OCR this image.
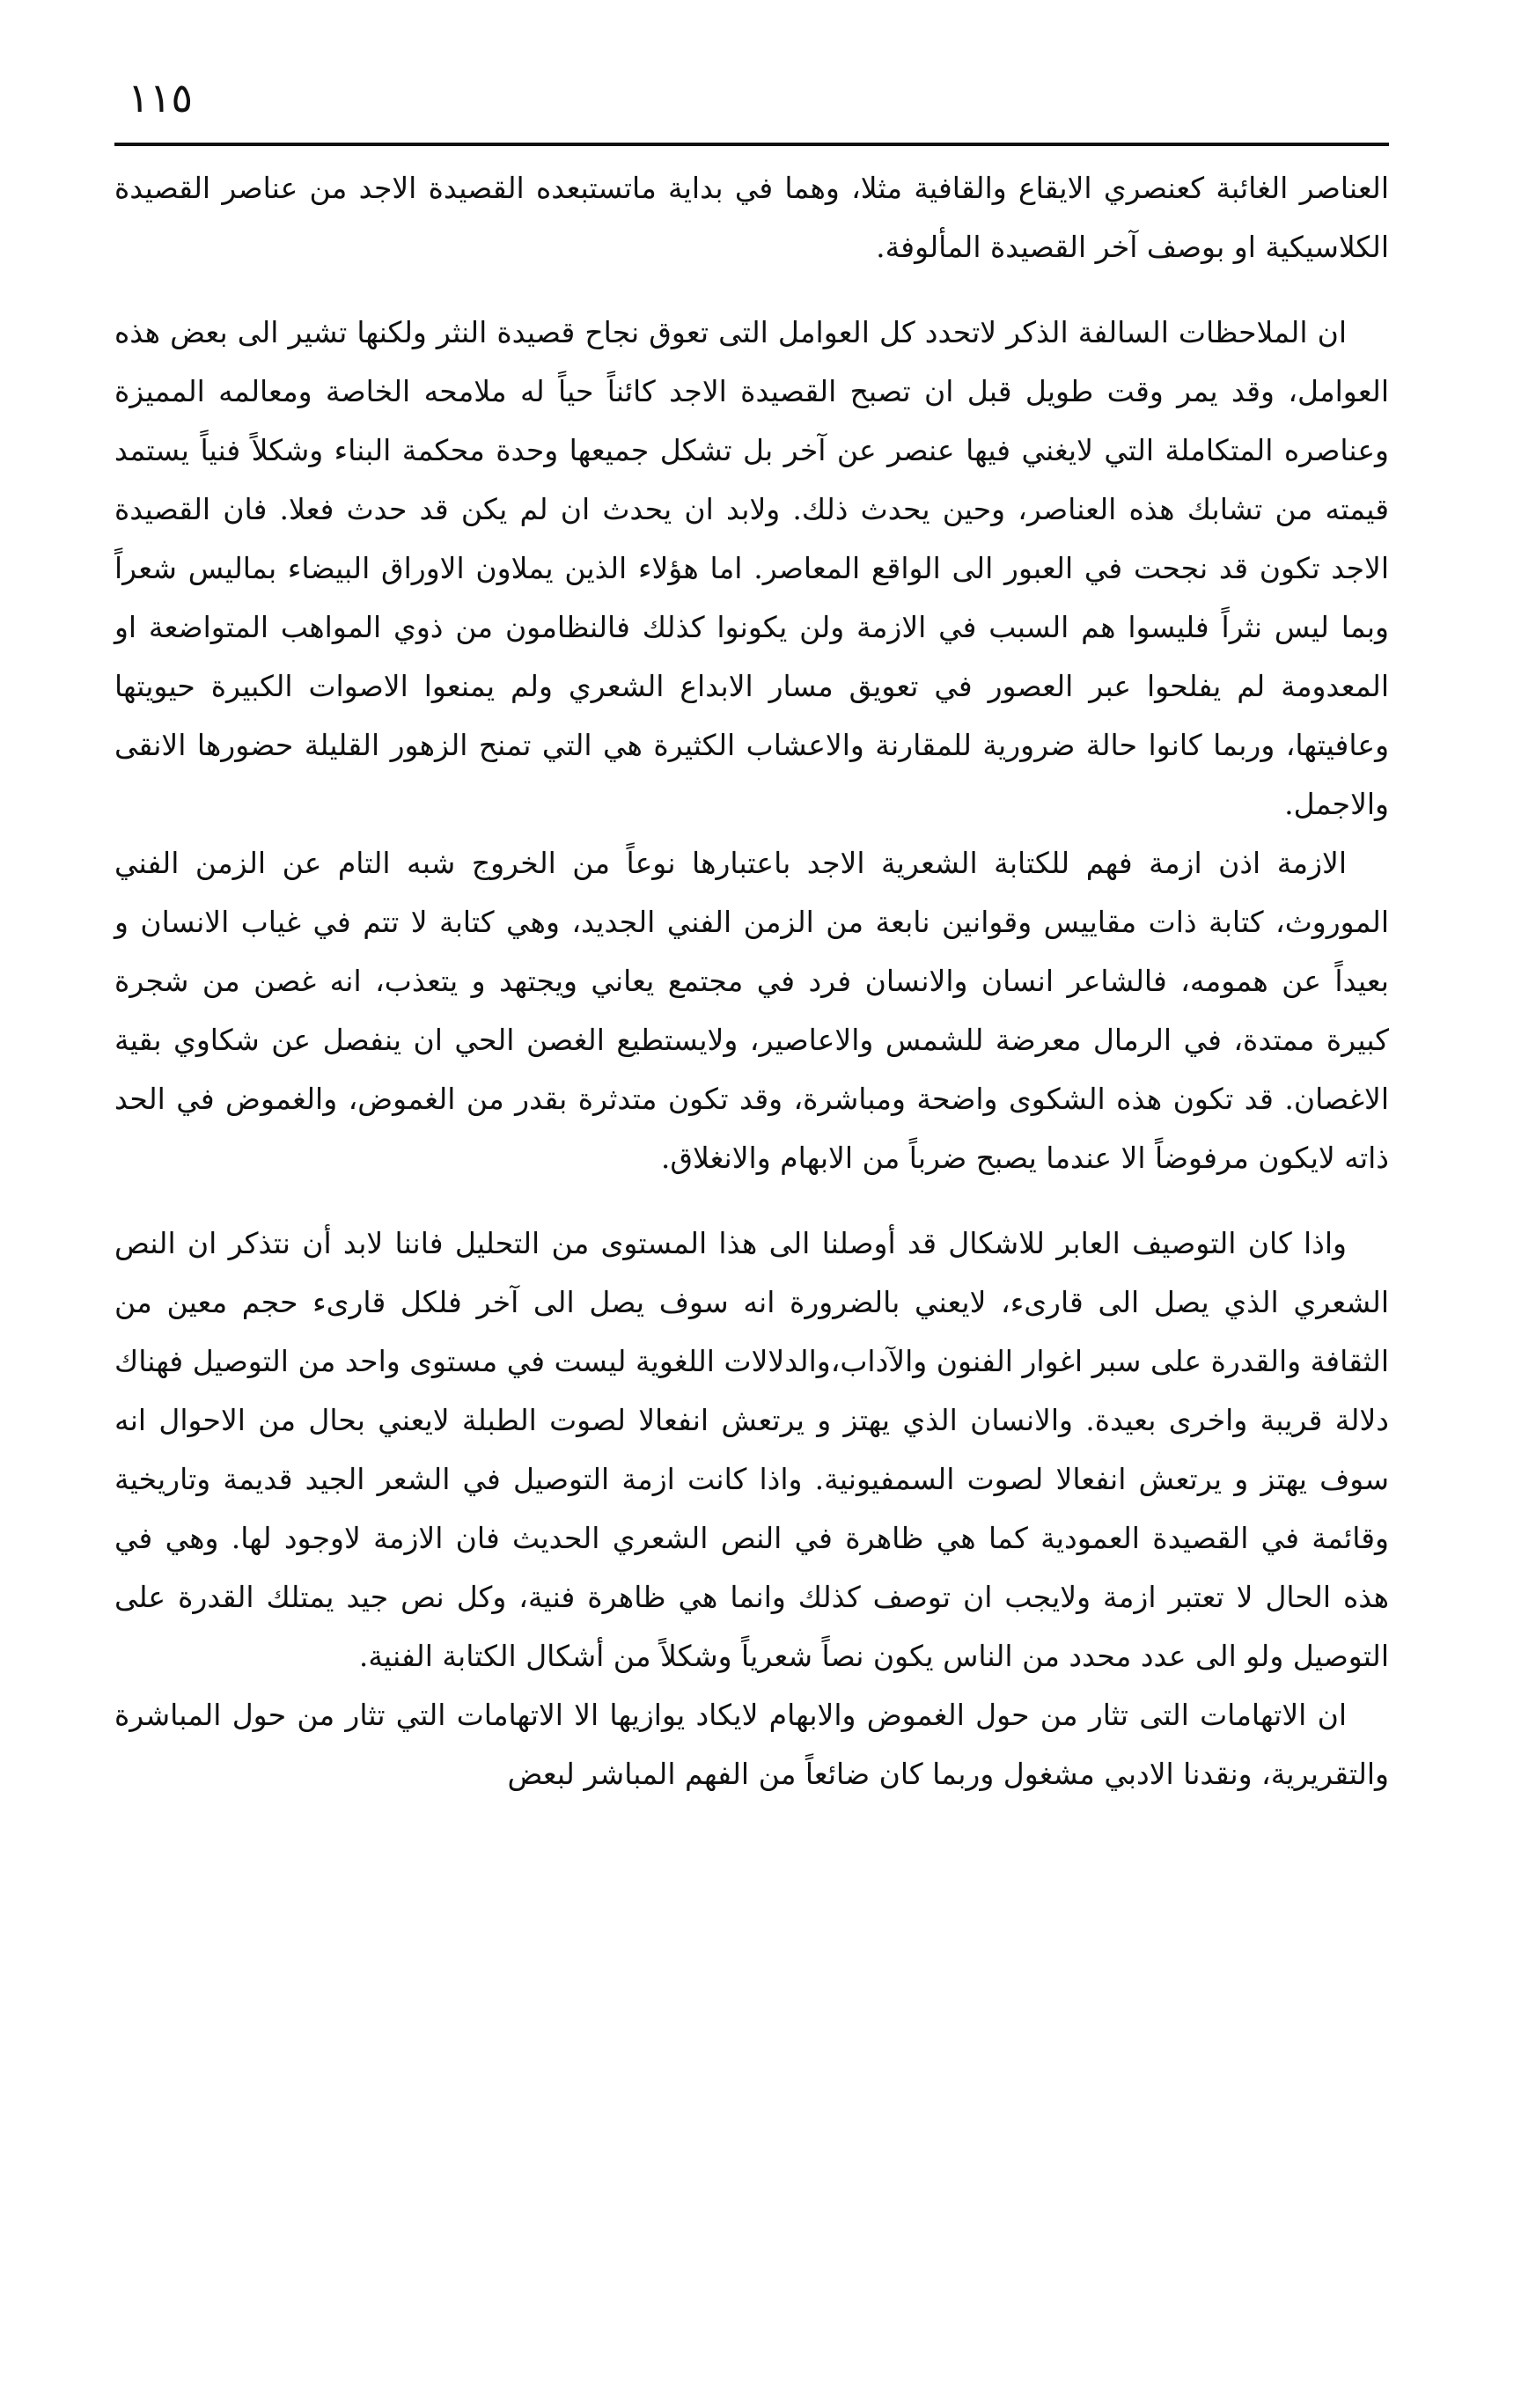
١١٥

العناصر الغائبة كعنصري الايقاع والقافية مثلا، وهما في بداية ماتستبعده القصيدة الاجد من عناصر القصيدة الكلاسيكية او بوصف آخر القصيدة المألوفة.

ان الملاحظات السالفة الذكر لاتحدد كل العوامل التى تعوق نجاح قصيدة النثر ولكنها تشير الى بعض هذه العوامل، وقد يمر وقت طويل قبل ان تصبح القصيدة الاجد كائناً حياً له ملامحه الخاصة ومعالمه المميزة وعناصره المتكاملة التي لايغني فيها عنصر عن آخر بل تشكل جميعها وحدة محكمة البناء وشكلاً فنياً يستمد قيمته من تشابك هذه العناصر، وحين يحدث ذلك. ولابد ان يحدث ان لم يكن قد حدث فعلا. فان القصيدة الاجد تكون قد نجحت في العبور الى الواقع المعاصر. اما هؤلاء الذين يملاون الاوراق البيضاء بماليس شعراً وبما ليس نثراً فليسوا هم السبب في الازمة ولن يكونوا كذلك فالنظامون من ذوي المواهب المتواضعة او المعدومة لم يفلحوا عبر العصور في تعويق مسار الابداع الشعري ولم يمنعوا الاصوات الكبيرة حيويتها وعافيتها، وربما كانوا حالة ضرورية للمقارنة والاعشاب الكثيرة هي التي تمنح الزهور القليلة حضورها الانقى والاجمل.

الازمة اذن ازمة فهم للكتابة الشعرية الاجد باعتبارها نوعاً من الخروج شبه التام عن الزمن الفني الموروث، كتابة ذات مقاييس وقوانين نابعة من الزمن الفني الجديد، وهي كتابة لا تتم في غياب الانسان و بعيداً عن همومه، فالشاعر انسان والانسان فرد في مجتمع يعاني ويجتهد و يتعذب، انه غصن من شجرة كبيرة ممتدة، في الرمال معرضة للشمس والاعاصير، ولايستطيع الغصن الحي ان ينفصل عن شكاوي بقية الاغصان. قد تكون هذه الشكوى واضحة ومباشرة، وقد تكون متدثرة بقدر من الغموض، والغموض في الحد ذاته لايكون مرفوضاً الا عندما يصبح ضرباً من الابهام والانغلاق.

واذا كان التوصيف العابر للاشكال قد أوصلنا الى هذا المستوى من التحليل فاننا لابد أن نتذكر ان النص الشعري الذي يصل الى قارىء، لايعني بالضرورة انه سوف يصل الى آخر فلكل قارىء حجم معين من الثقافة والقدرة على سبر اغوار الفنون والآداب،والدلالات اللغوية ليست في مستوى واحد من التوصيل فهناك دلالة قريبة واخرى بعيدة. والانسان الذي يهتز و يرتعش انفعالا لصوت الطبلة لايعني بحال من الاحوال انه سوف يهتز و يرتعش انفعالا لصوت السمفيونية. واذا كانت ازمة التوصيل في الشعر الجيد قديمة وتاريخية وقائمة في القصيدة العمودية كما هي ظاهرة في النص الشعري الحديث فان الازمة لاوجود لها. وهي في هذه الحال لا تعتبر ازمة ولايجب ان توصف كذلك وانما هي ظاهرة فنية، وكل نص جيد يمتلك القدرة على التوصيل ولو الى عدد محدد من الناس يكون نصاً شعرياً وشكلاً من أشكال الكتابة الفنية.

ان الاتهامات التى تثار من حول الغموض والابهام لايكاد يوازيها الا الاتهامات التي تثار من حول المباشرة والتقريرية، ونقدنا الادبي مشغول وربما كان ضائعاً من الفهم المباشر لبعض
